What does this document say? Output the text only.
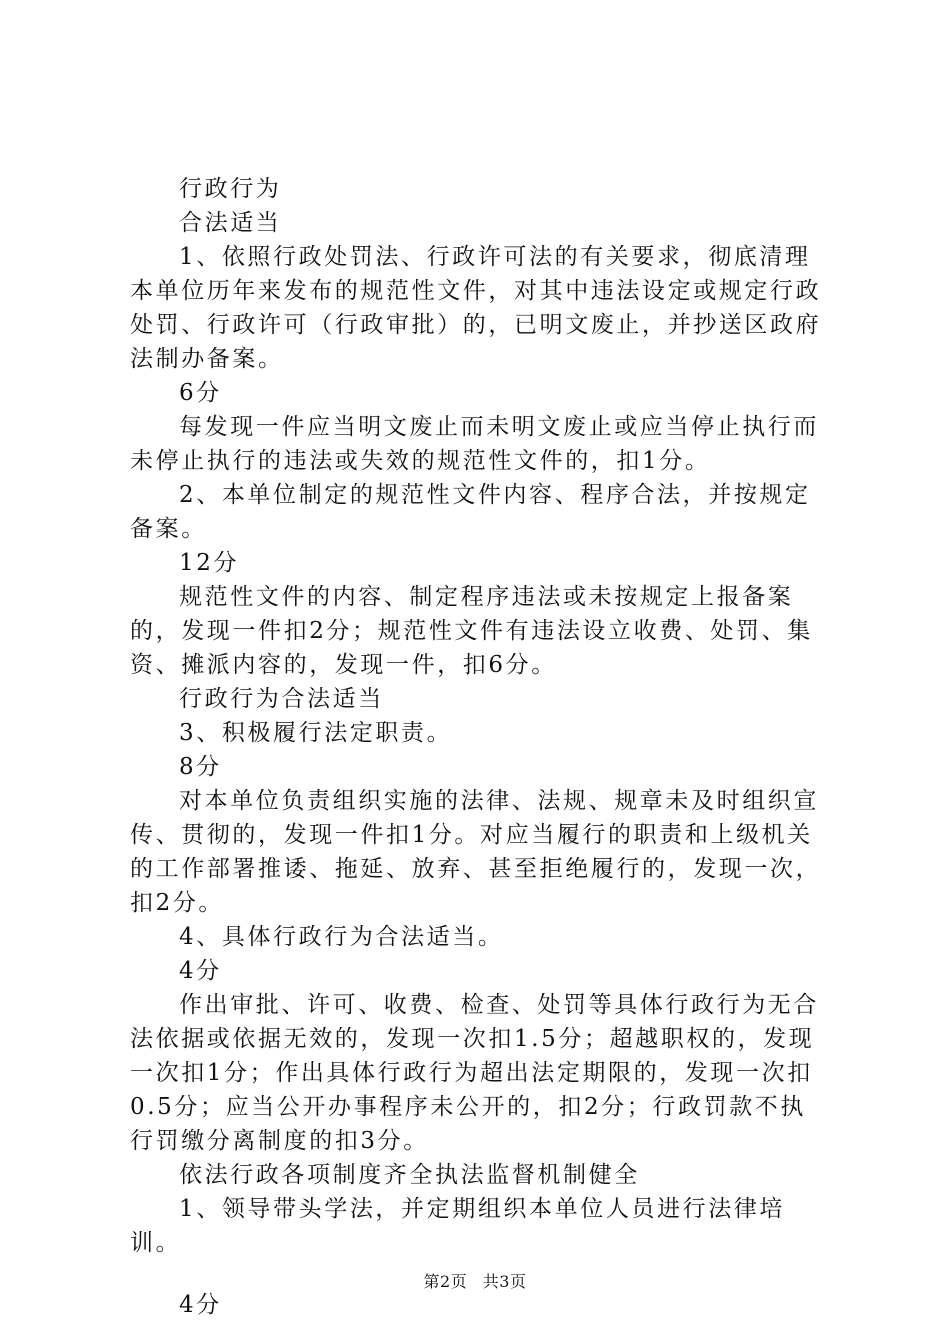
行政行为

合法适当

1、依照行政处罚法、行政许可法的有关要求，彻底清理本单位历年来发布的规范性文件，对其中违法设定或规定行政处罚、行政许可（行政审批）的，已明文废止，并抄送区政府法制办备案。

6分

每发现一件应当明文废止而未明文废止或应当停止执行而未停止执行的违法或失效的规范性文件的，扣1分。

2、本单位制定的规范性文件内容、程序合法，并按规定备案。

12分

规范性文件的内容、制定程序违法或未按规定上报备案的，发现一件扣2分；规范性文件有违法设立收费、处罚、集资、摊派内容的，发现一件，扣6分。

行政行为合法适当

3、积极履行法定职责。

8分

对本单位负责组织实施的法律、法规、规章未及时组织宣传、贯彻的，发现一件扣1分。对应当履行的职责和上级机关的工作部署推诿、拖延、放弃、甚至拒绝履行的，发现一次，扣2分。

4、具体行政行为合法适当。

4分

作出审批、许可、收费、检查、处罚等具体行政行为无合法依据或依据无效的，发现一次扣1.5分；超越职权的，发现一次扣1分；作出具体行政行为超出法定期限的，发现一次扣0.5分；应当公开办事程序未公开的，扣2分；行政罚款不执行罚缴分离制度的扣3分。

依法行政各项制度齐全执法监督机制健全

1、领导带头学法，并定期组织本单位人员进行法律培训。

4分

第2页 共3页
